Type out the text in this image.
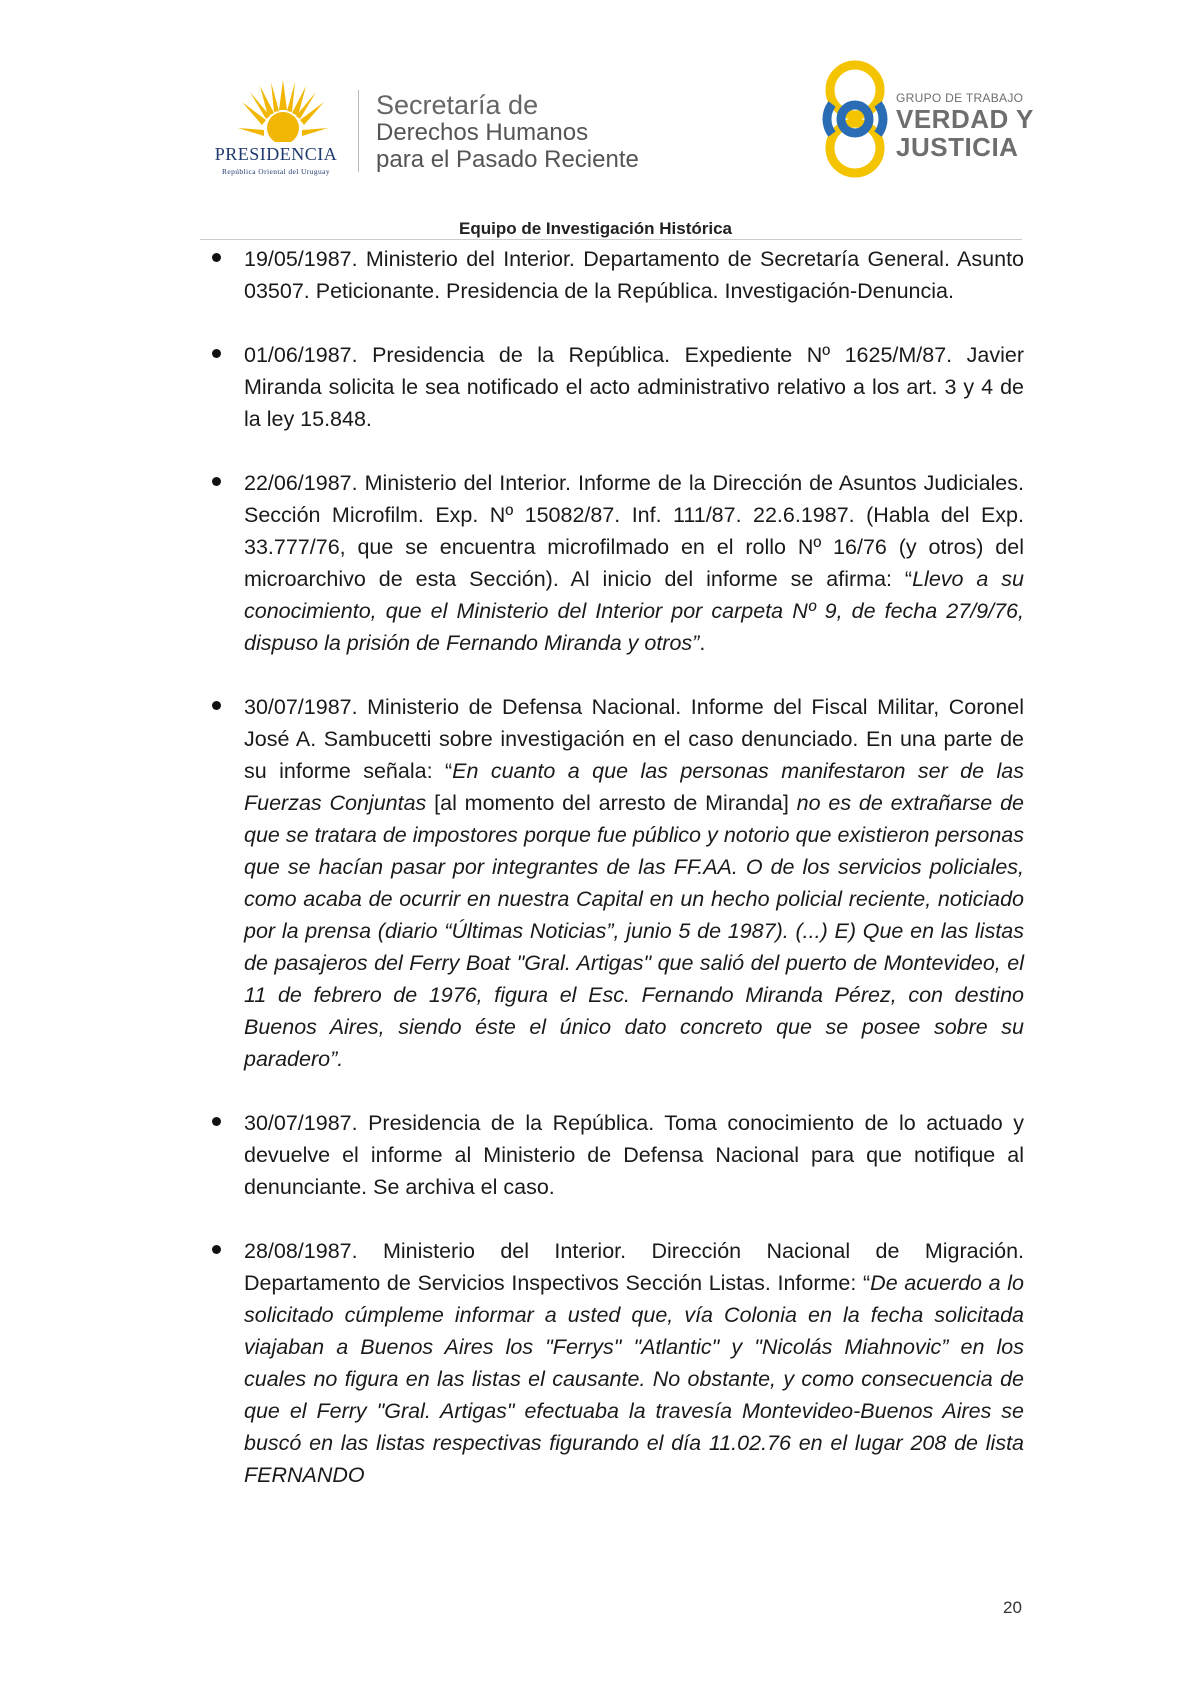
PRESIDENCIA
República Oriental del Uruguay
Secretaría de
Derechos Humanos
para el Pasado Reciente
GRUPO DE TRABAJO
VERDAD Y
JUSTICIA
Equipo de Investigación Histórica

19/05/1987. Ministerio del Interior. Departamento de Secretaría General. Asunto 03507. Peticionante. Presidencia de la República. Investigación-Denuncia.

01/06/1987. Presidencia de la República. Expediente Nº 1625/M/87. Javier Miranda solicita le sea notificado el acto administrativo relativo a los art. 3 y 4 de la ley 15.848.

22/06/1987. Ministerio del Interior. Informe de la Dirección de Asuntos Judiciales. Sección Microfilm. Exp. Nº 15082/87. Inf. 111/87. 22.6.1987. (Habla del Exp. 33.777/76, que se encuentra microfilmado en el rollo Nº 16/76 (y otros) del microarchivo de esta Sección). Al inicio del informe se afirma: “Llevo a su conocimiento, que el Ministerio del Interior por carpeta Nº 9, de fecha 27/9/76, dispuso la prisión de Fernando Miranda y otros”.

30/07/1987. Ministerio de Defensa Nacional. Informe del Fiscal Militar, Coronel José A. Sambucetti sobre investigación en el caso denunciado. En una parte de su informe señala: “En cuanto a que las personas manifestaron ser de las Fuerzas Conjuntas [al momento del arresto de Miranda] no es de extrañarse de que se tratara de impostores porque fue público y notorio que existieron personas que se hacían pasar por integrantes de las FF.AA. O de los servicios policiales, como acaba de ocurrir en nuestra Capital en un hecho policial reciente, noticiado por la prensa (diario “Últimas Noticias”, junio 5 de 1987). (...) E) Que en las listas de pasajeros del Ferry Boat "Gral. Artigas" que salió del puerto de Montevideo, el 11 de febrero de 1976, figura el Esc. Fernando Miranda Pérez, con destino Buenos Aires, siendo éste el único dato concreto que se posee sobre su paradero”.

30/07/1987. Presidencia de la República. Toma conocimiento de lo actuado y devuelve el informe al Ministerio de Defensa Nacional para que notifique al denunciante. Se archiva el caso.

28/08/1987. Ministerio del Interior. Dirección Nacional de Migración. Departamento de Servicios Inspectivos Sección Listas. Informe: “De acuerdo a lo solicitado cúmpleme informar a usted que, vía Colonia en la fecha solicitada viajaban a Buenos Aires los "Ferrys" "Atlantic" y "Nicolás Miahnovic” en los cuales no figura en las listas el causante. No obstante, y como consecuencia de que el Ferry "Gral. Artigas" efectuaba la travesía Montevideo-Buenos Aires se buscó en las listas respectivas figurando el día 11.02.76 en el lugar 208 de lista FERNANDO

20
